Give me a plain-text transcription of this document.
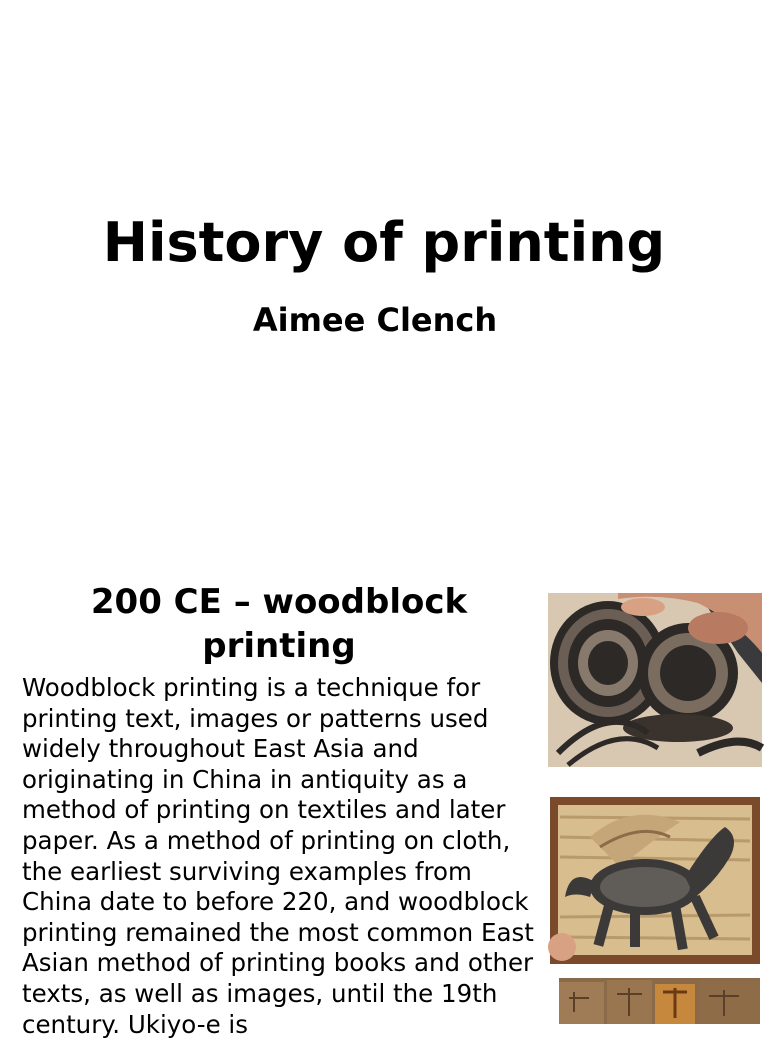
History of printing
Aimee Clench
200 CE – woodblock printing

Woodblock printing is a technique for printing text, images or patterns used widely throughout East Asia and originating in China in antiquity as a method of printing on textiles and later paper. As a method of printing on cloth, the earliest surviving examples from China date to before 220, and woodblock printing remained the most common East Asian method of printing books and other texts, as well as images, until the 19th century. Ukiyo-e is
